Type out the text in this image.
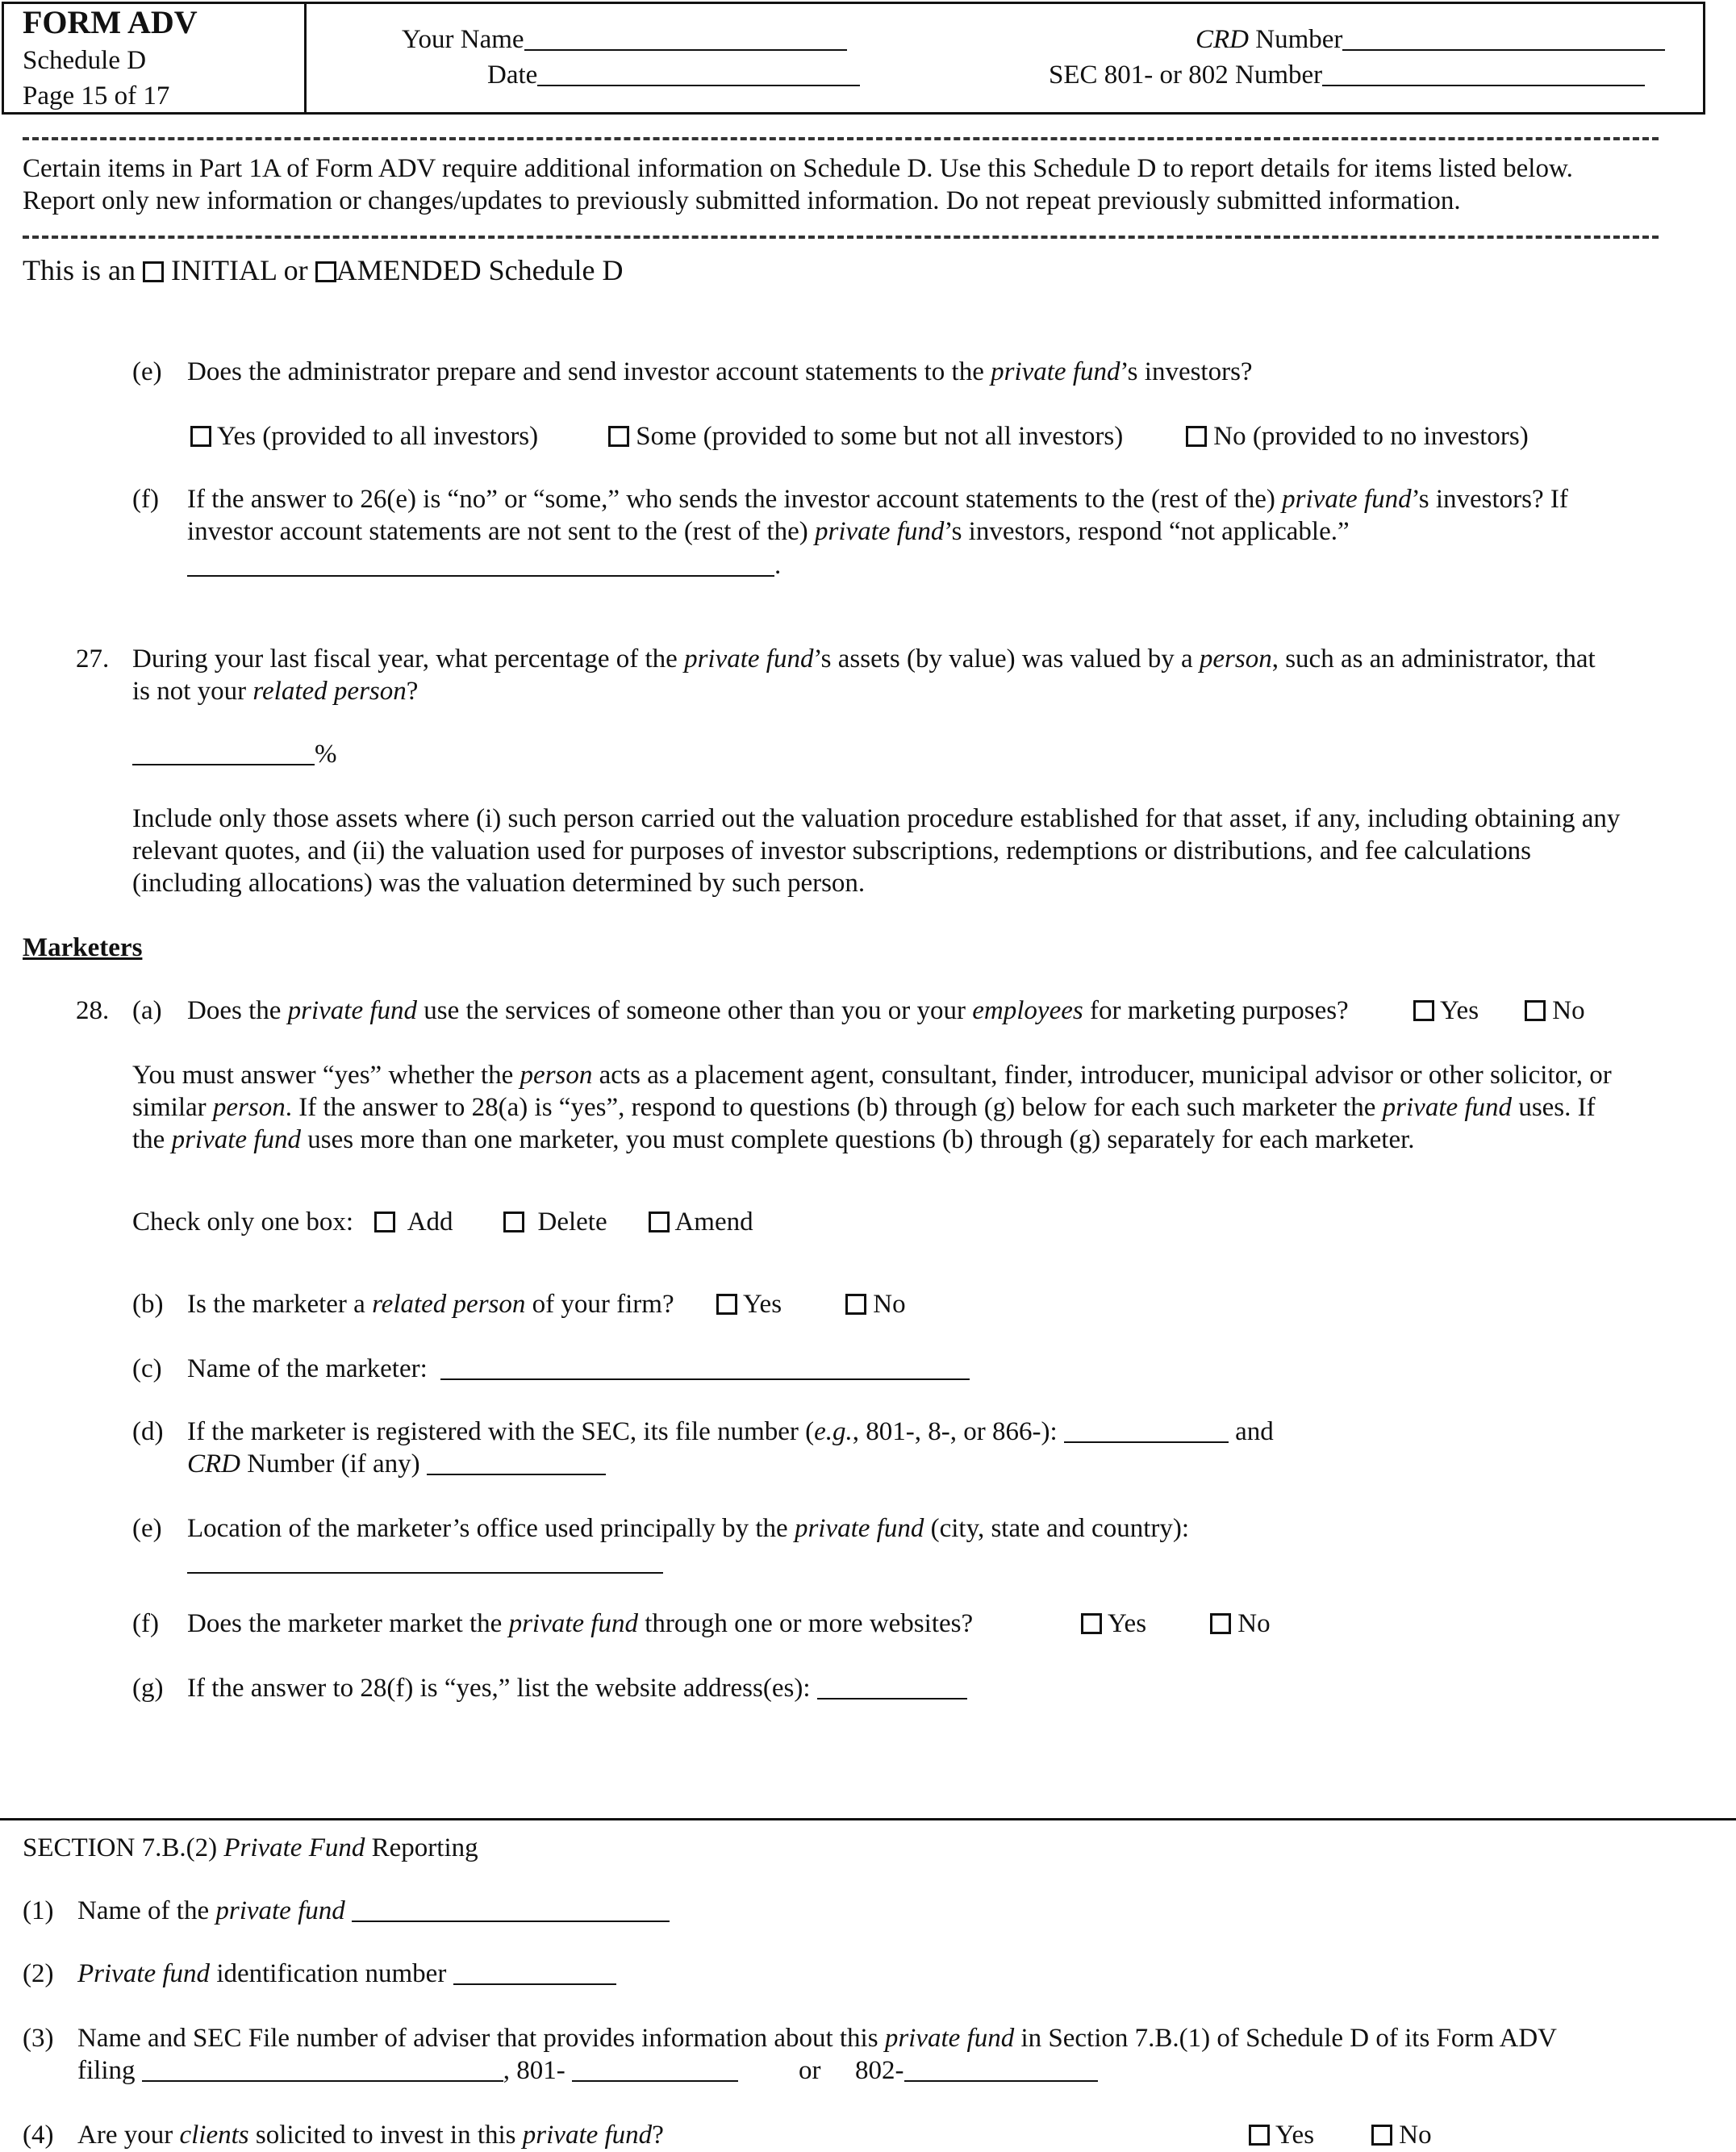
FORM ADV
Schedule D
Page 15 of 17
Your Name
Date
CRD Number
SEC 801- or 802 Number
Certain items in Part 1A of Form ADV require additional information on Schedule D. Use this Schedule D to report details for items listed below.
Report only new information or changes/updates to previously submitted information. Do not repeat previously submitted information.
This is an INITIAL or AMENDED Schedule D
(e) Does the administrator prepare and send investor account statements to the private fund’s investors?
Yes (provided to all investors)	Some (provided to some but not all investors)	No (provided to no investors)
(f) If the answer to 26(e) is “no” or “some,” who sends the investor account statements to the (rest of the) private fund’s investors? If
investor account statements are not sent to the (rest of the) private fund’s investors, respond “not applicable.”
.
27. During your last fiscal year, what percentage of the private fund’s assets (by value) was valued by a person, such as an administrator, that
is not your related person?
%
Include only those assets where (i) such person carried out the valuation procedure established for that asset, if any, including obtaining any
relevant quotes, and (ii) the valuation used for purposes of investor subscriptions, redemptions or distributions, and fee calculations
(including allocations) was the valuation determined by such person.
Marketers
28. (a) Does the private fund use the services of someone other than you or your employees for marketing purposes?	Yes	No
You must answer “yes” whether the person acts as a placement agent, consultant, finder, introducer, municipal advisor or other solicitor, or
similar person. If the answer to 28(a) is “yes”, respond to questions (b) through (g) below for each such marketer the private fund uses. If
the private fund uses more than one marketer, you must complete questions (b) through (g) separately for each marketer.
Check only one box:	Add	Delete	Amend
(b) Is the marketer a related person of your firm?	Yes	No
(c) Name of the marketer:
(d) If the marketer is registered with the SEC, its file number (e.g., 801-, 8-, or 866-):	and
CRD Number (if any)
(e) Location of the marketer’s office used principally by the private fund (city, state and country):
(f) Does the marketer market the private fund through one or more websites?	Yes	No
(g) If the answer to 28(f) is “yes,” list the website address(es):
SECTION 7.B.(2) Private Fund Reporting
(1) Name of the private fund
(2) Private fund identification number
(3) Name and SEC File number of adviser that provides information about this private fund in Section 7.B.(1) of Schedule D of its Form ADV
filing	, 801-	or 802-
(4) Are your clients solicited to invest in this private fund?	Yes	No
